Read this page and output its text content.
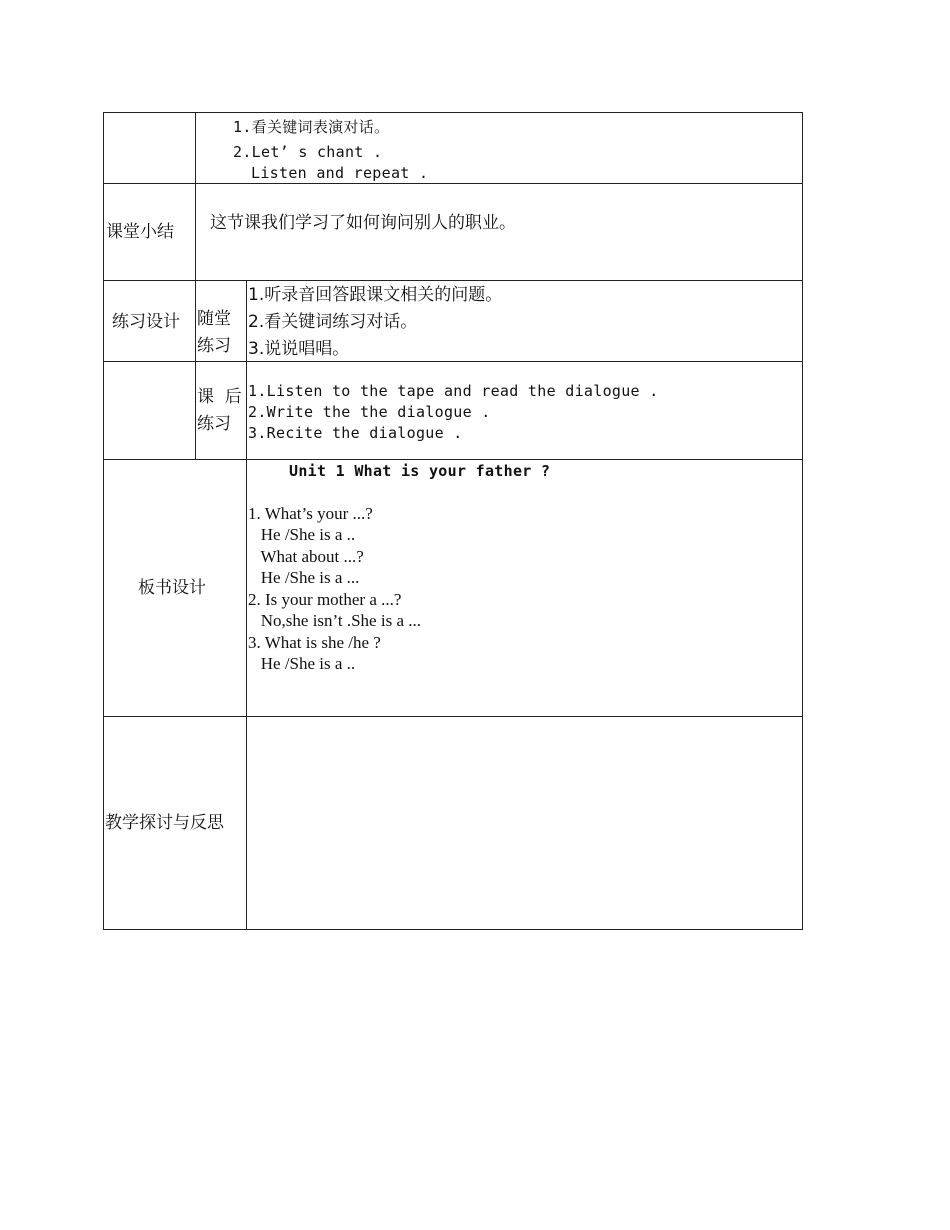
1.看关键词表演对话。
2.Let’ s chant .
Listen and repeat .
课堂小结 这节课我们学习了如何询问别人的职业。
练习设计 随堂
练习
1.听录音回答跟课文相关的问题。
2.看关键词练习对话。
3.说说唱唱。
课  后
练习
1.Listen to the tape and read the dialogue .
2.Write the the dialogue .
3.Recite the dialogue .
板书设计
Unit 1 What is your father ?
1. What’s your ...?
He /She is a ..
What about ...?
He /She is a ...
2. Is your mother a ...?
No,she isn’t .She is a ...
3. What is she /he ?
He /She is a ..
教学探讨与反思
